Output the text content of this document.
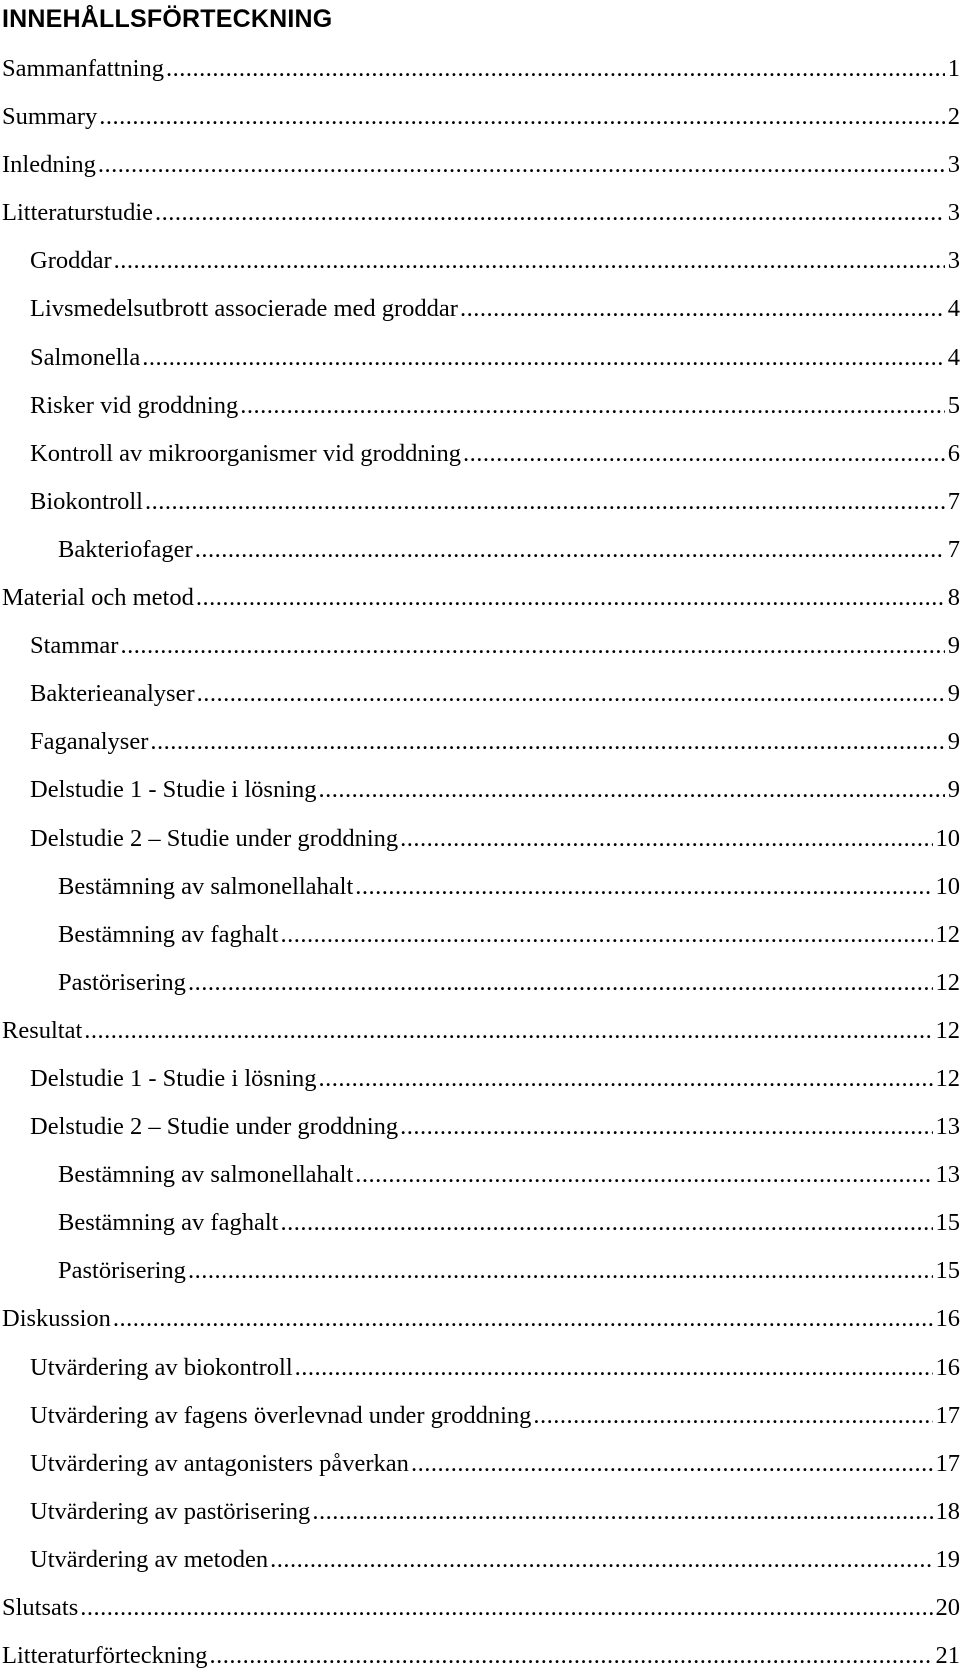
INNEHÅLLSFÖRTECKNING
Sammanfattning .....	1
Summary .....	2
Inledning .....	3
Litteraturstudie .....	3
Groddar .....	3
Livsmedelsutbrott associerade med groddar .....	4
Salmonella .....	4
Risker vid groddning .....	5
Kontroll av mikroorganismer vid groddning .....	6
Biokontroll .....	7
Bakteriofager .....	7
Material och metod .....	8
Stammar .....	9
Bakterieanalyser .....	9
Faganalyser .....	9
Delstudie 1 - Studie i lösning .....	9
Delstudie 2 – Studie under groddning .....	10
Bestämning av salmonellahalt .....	10
Bestämning av faghalt .....	12
Pastörisering .....	12
Resultat .....	12
Delstudie 1 - Studie i lösning .....	12
Delstudie 2 – Studie under groddning .....	13
Bestämning av salmonellahalt .....	13
Bestämning av faghalt .....	15
Pastörisering .....	15
Diskussion .....	16
Utvärdering av biokontroll .....	16
Utvärdering av fagens överlevnad under groddning .....	17
Utvärdering av antagonisters påverkan .....	17
Utvärdering av pastörisering .....	18
Utvärdering av metoden .....	19
Slutsats .....	20
Litteraturförteckning .....	21
